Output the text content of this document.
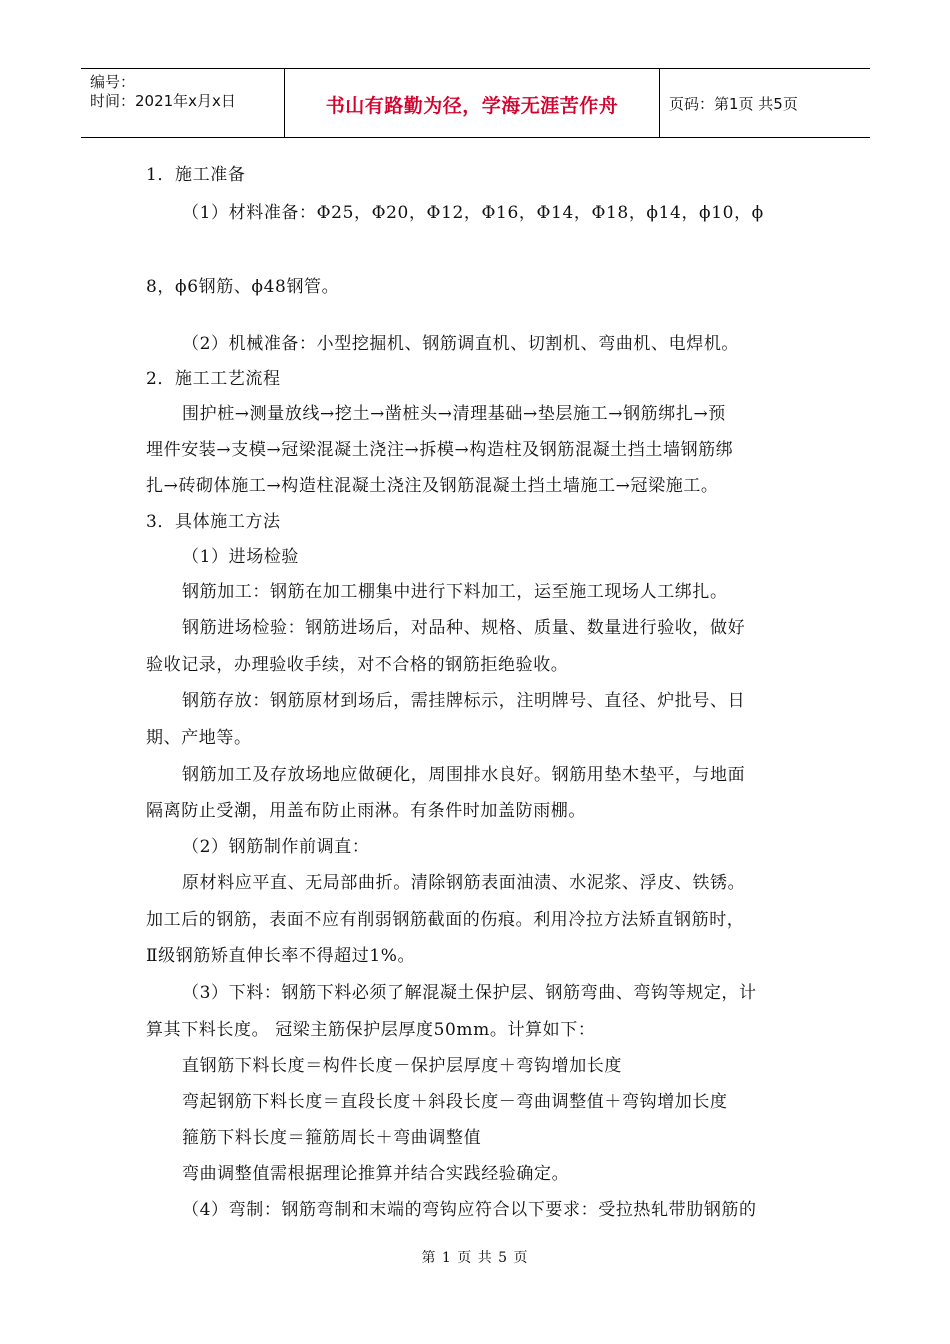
编号：
时间：2021年x月x日	书山有路勤为径，学海无涯苦作舟	页码：第1页 共5页
1．施工准备
（1）材料准备：Φ25，Φ20，Φ12，Φ16，Φ14，Φ18，ϕ14，ϕ10，ϕ
8，ϕ6钢筋、ϕ48钢管。
（2）机械准备：小型挖掘机、钢筋调直机、切割机、弯曲机、电焊机。
2．施工工艺流程
围护桩→测量放线→挖土→凿桩头→清理基础→垫层施工→钢筋绑扎→预
埋件安装→支模→冠梁混凝土浇注→拆模→构造柱及钢筋混凝土挡土墙钢筋绑
扎→砖砌体施工→构造柱混凝土浇注及钢筋混凝土挡土墙施工→冠梁施工。
3．具体施工方法
（1）进场检验
钢筋加工：钢筋在加工棚集中进行下料加工，运至施工现场人工绑扎。
钢筋进场检验：钢筋进场后，对品种、规格、质量、数量进行验收，做好
验收记录，办理验收手续，对不合格的钢筋拒绝验收。
钢筋存放：钢筋原材到场后，需挂牌标示，注明牌号、直径、炉批号、日
期、产地等。
钢筋加工及存放场地应做硬化，周围排水良好。钢筋用垫木垫平，与地面
隔离防止受潮，用盖布防止雨淋。有条件时加盖防雨棚。
（2）钢筋制作前调直：
原材料应平直、无局部曲折。清除钢筋表面油渍、水泥浆、浮皮、铁锈。
加工后的钢筋，表面不应有削弱钢筋截面的伤痕。利用冷拉方法矫直钢筋时，
Ⅱ级钢筋矫直伸长率不得超过1%。
（3）下料：钢筋下料必须了解混凝土保护层、钢筋弯曲、弯钩等规定，计
算其下料长度。 冠梁主筋保护层厚度50mm。计算如下：
直钢筋下料长度＝构件长度－保护层厚度＋弯钩增加长度
弯起钢筋下料长度＝直段长度＋斜段长度－弯曲调整值＋弯钩增加长度
箍筋下料长度＝箍筋周长＋弯曲调整值
弯曲调整值需根据理论推算并结合实践经验确定。
（4）弯制：钢筋弯制和末端的弯钩应符合以下要求：受拉热轧带肋钢筋的
第 1 页 共 5 页
